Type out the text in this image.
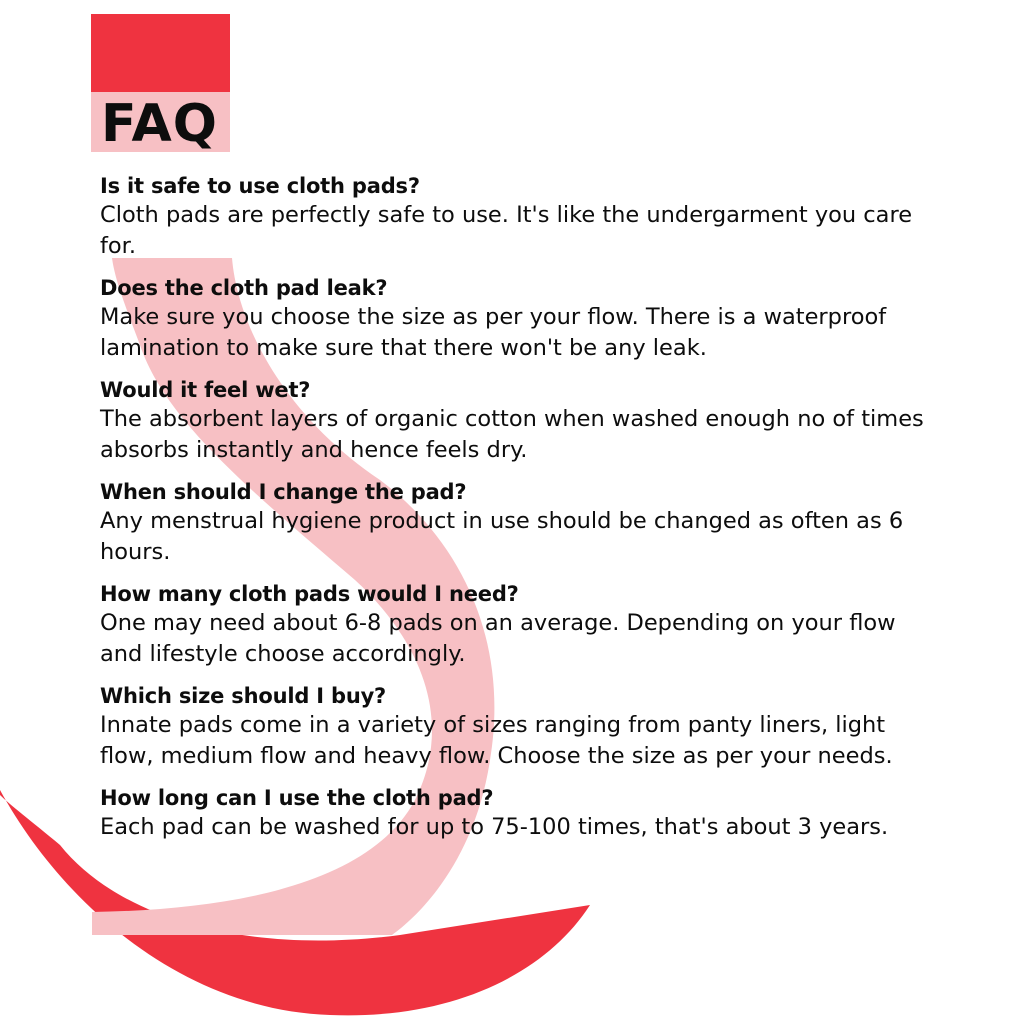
FAQ
Is it safe to use cloth pads?
Cloth pads are perfectly safe to use. It's like the undergarment you care for.
Does the cloth pad leak?
Make sure you choose the size as per your flow. There is a waterproof lamination to make sure that there won't be any leak.
Would it feel wet?
The absorbent layers of organic cotton when washed enough no of times absorbs instantly and hence feels dry.
When should I change the pad?
Any menstrual hygiene product in use should be changed as often as 6 hours.
How many cloth pads would I need?
One may need about 6-8 pads on an average. Depending on your flow and lifestyle choose accordingly.
Which size should I buy?
Innate pads come in a variety of sizes ranging from panty liners, light flow, medium flow and heavy flow. Choose the size as per your needs.
How long can I use the cloth pad?
Each pad can be washed for up to 75-100 times, that's about 3 years.
